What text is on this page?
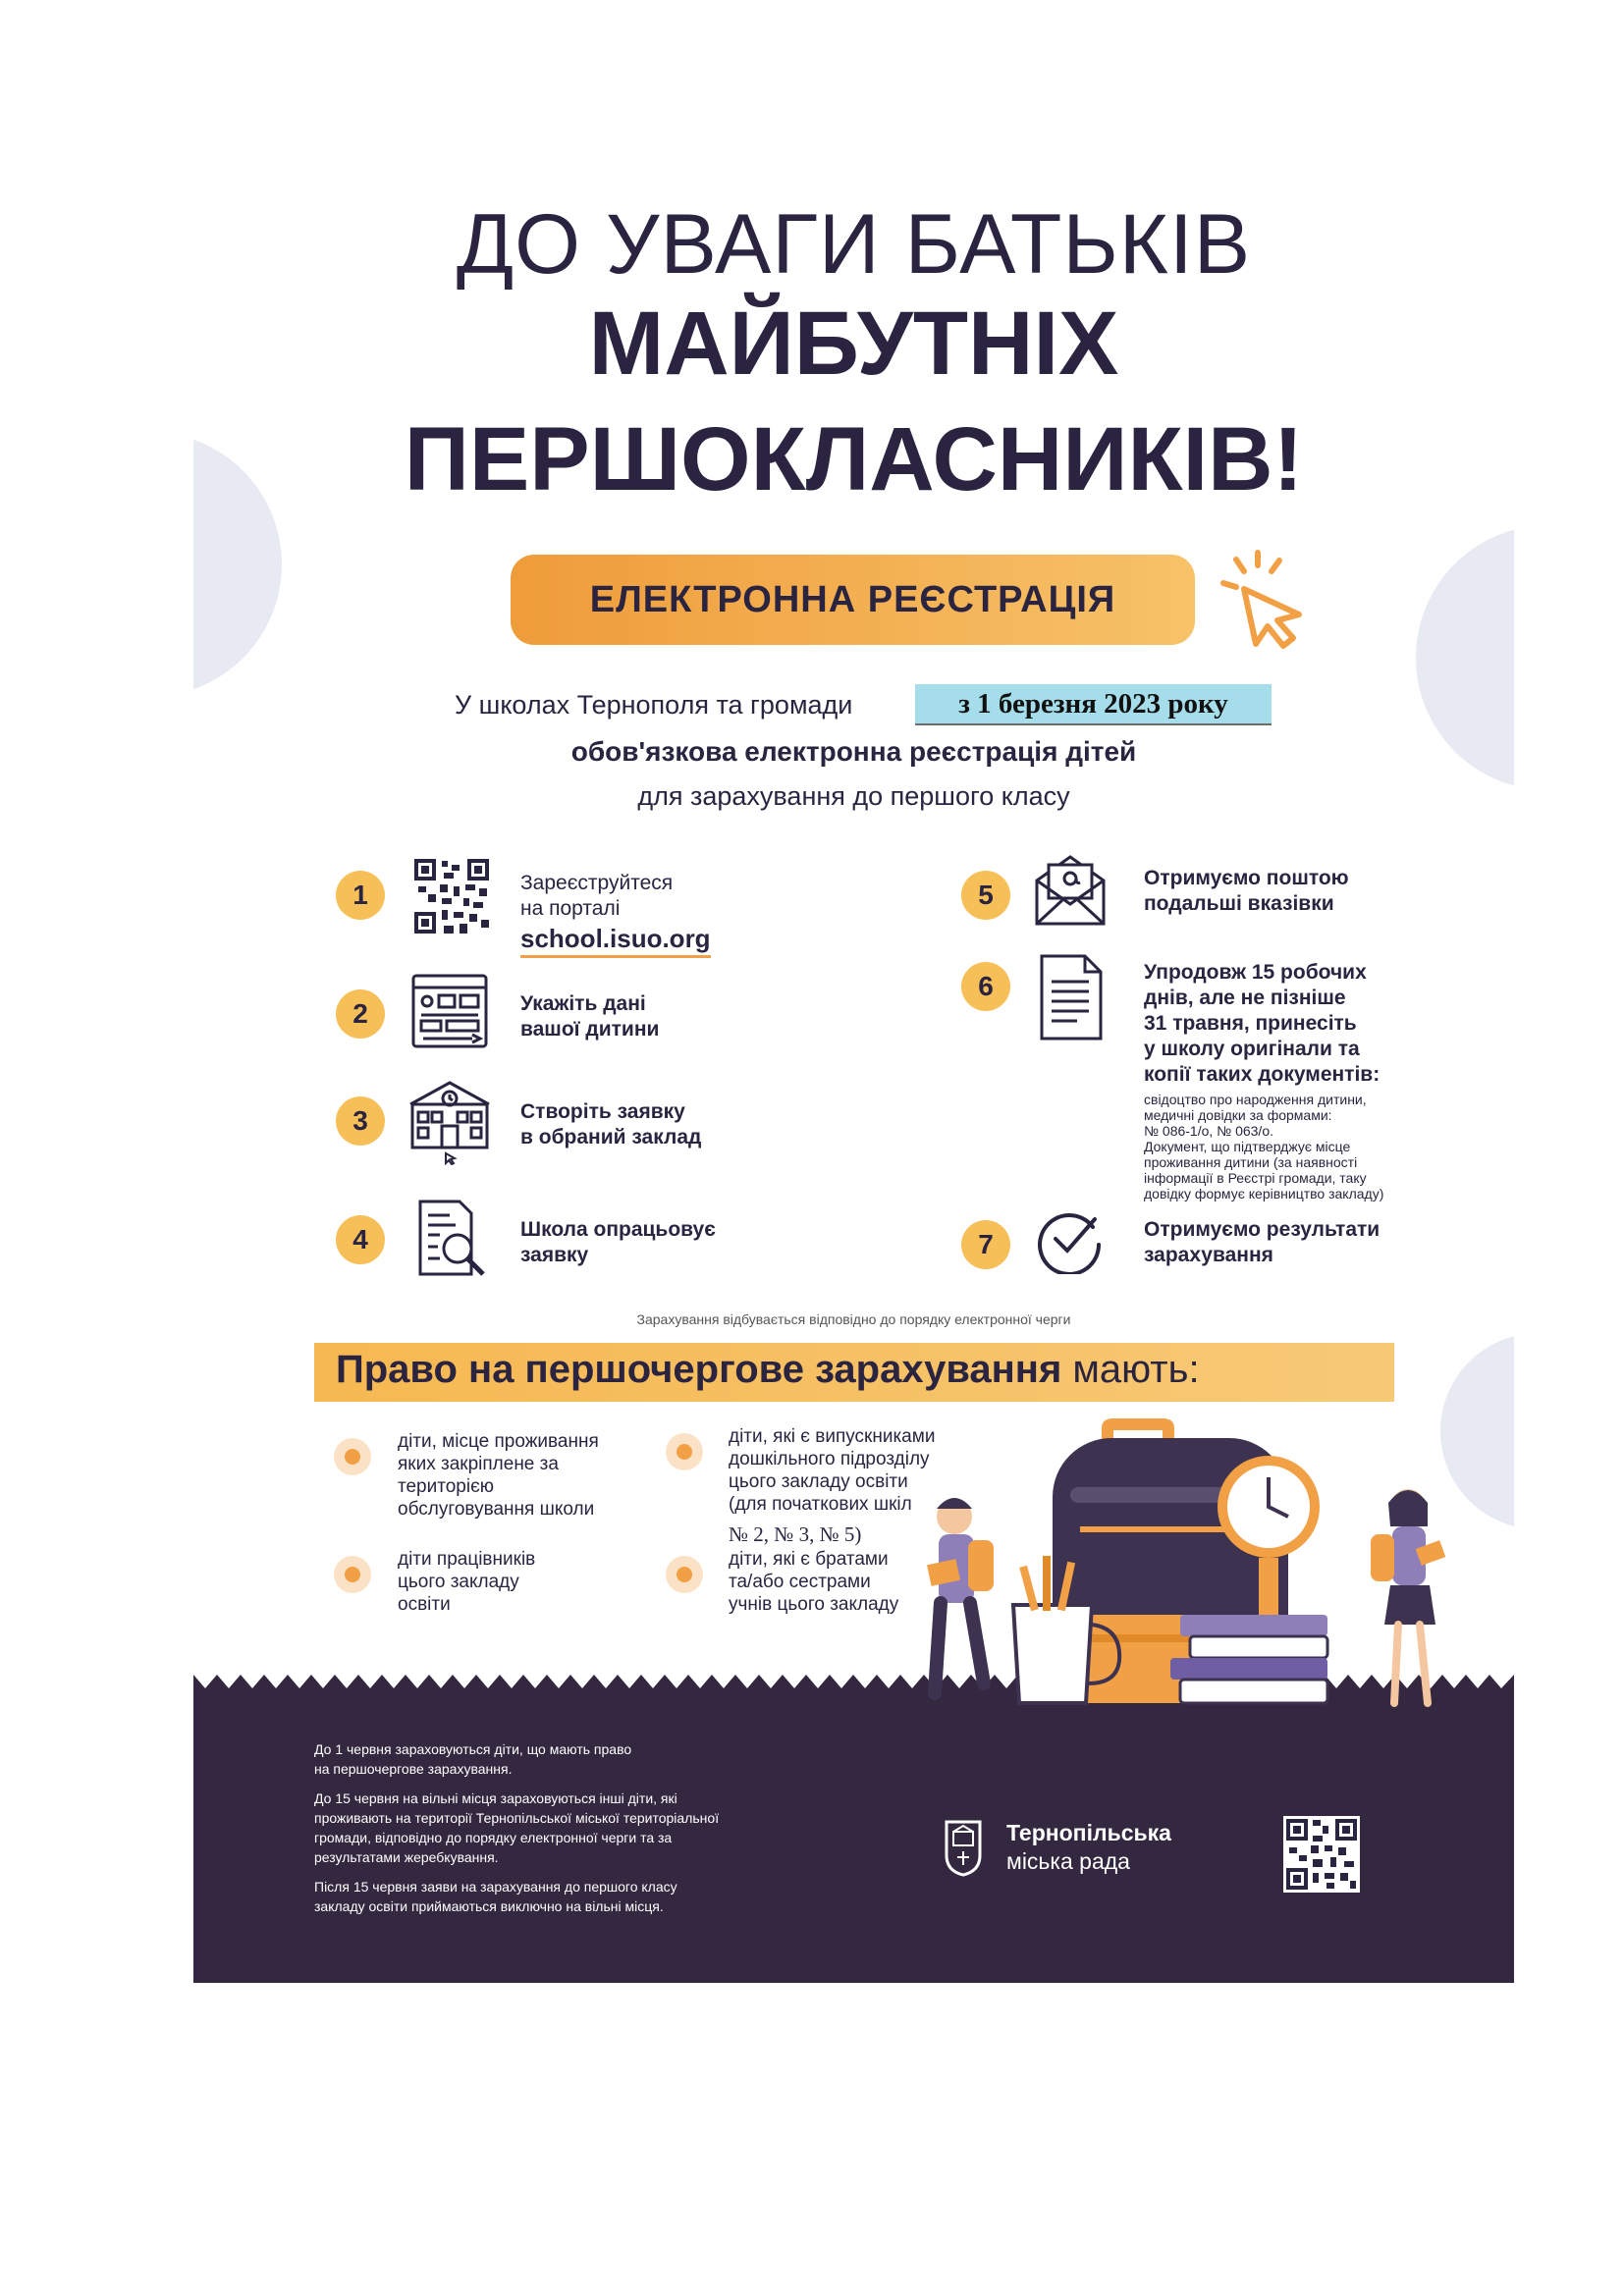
ДО УВАГИ БАТЬКІВ
МАЙБУТНІХ
ПЕРШОКЛАСНИКІВ!
ЕЛЕКТРОННА РЕЄСТРАЦІЯ
У школах Тернополя та громади	з 1 березня 2023 року
обов'язкова електронна реєстрація дітей
для зарахування до першого класу
1	Зареєструйтеся
на порталі
school.isuo.org
2	Укажіть дані
вашої дитини
3	Створіть заявку
в обраний заклад
4	Школа опрацьовує
заявку
5
Отримуємо поштою
подальші вказівки
6	Упродовж 15 робочих
днів, але не пізніше
31 травня, принесіть
у школу оригінали та
копії таких документів:
свідоцтво про народження дитини,
медичні довідки за формами:
№ 086-1/о, № 063/о.
Документ, що підтверджує місце
проживання дитини (за наявності
інформації в Реєстрі громади, таку
довідку формує керівництво закладу)
7	Отримуємо результати
зарахування
Зарахування відбувається відповідно до порядку електронної черги
Право на першочергове зарахування мають:
діти, місце проживання
яких закріплене за
територією
обслуговування школи
діти, які є випускниками
дошкільного підрозділу
цього закладу освіти
(для початкових шкіл
№ 2, № 3, № 5)
діти працівників
цього закладу
освіти
діти, які є братами
та/або сестрами
учнів цього закладу
До 1 червня зараховуються діти, що мають право
на першочергове зарахування.
До 15 червня на вільні місця зараховуються інші діти, які
проживають на території Тернопільської міської територіальної
громади, відповідно до порядку електронної черги та за
результатами жеребкування.
Після 15 червня заяви на зарахування до першого класу
закладу освіти приймаються виключно на вільні місця.
Тернопільська
міська рада
